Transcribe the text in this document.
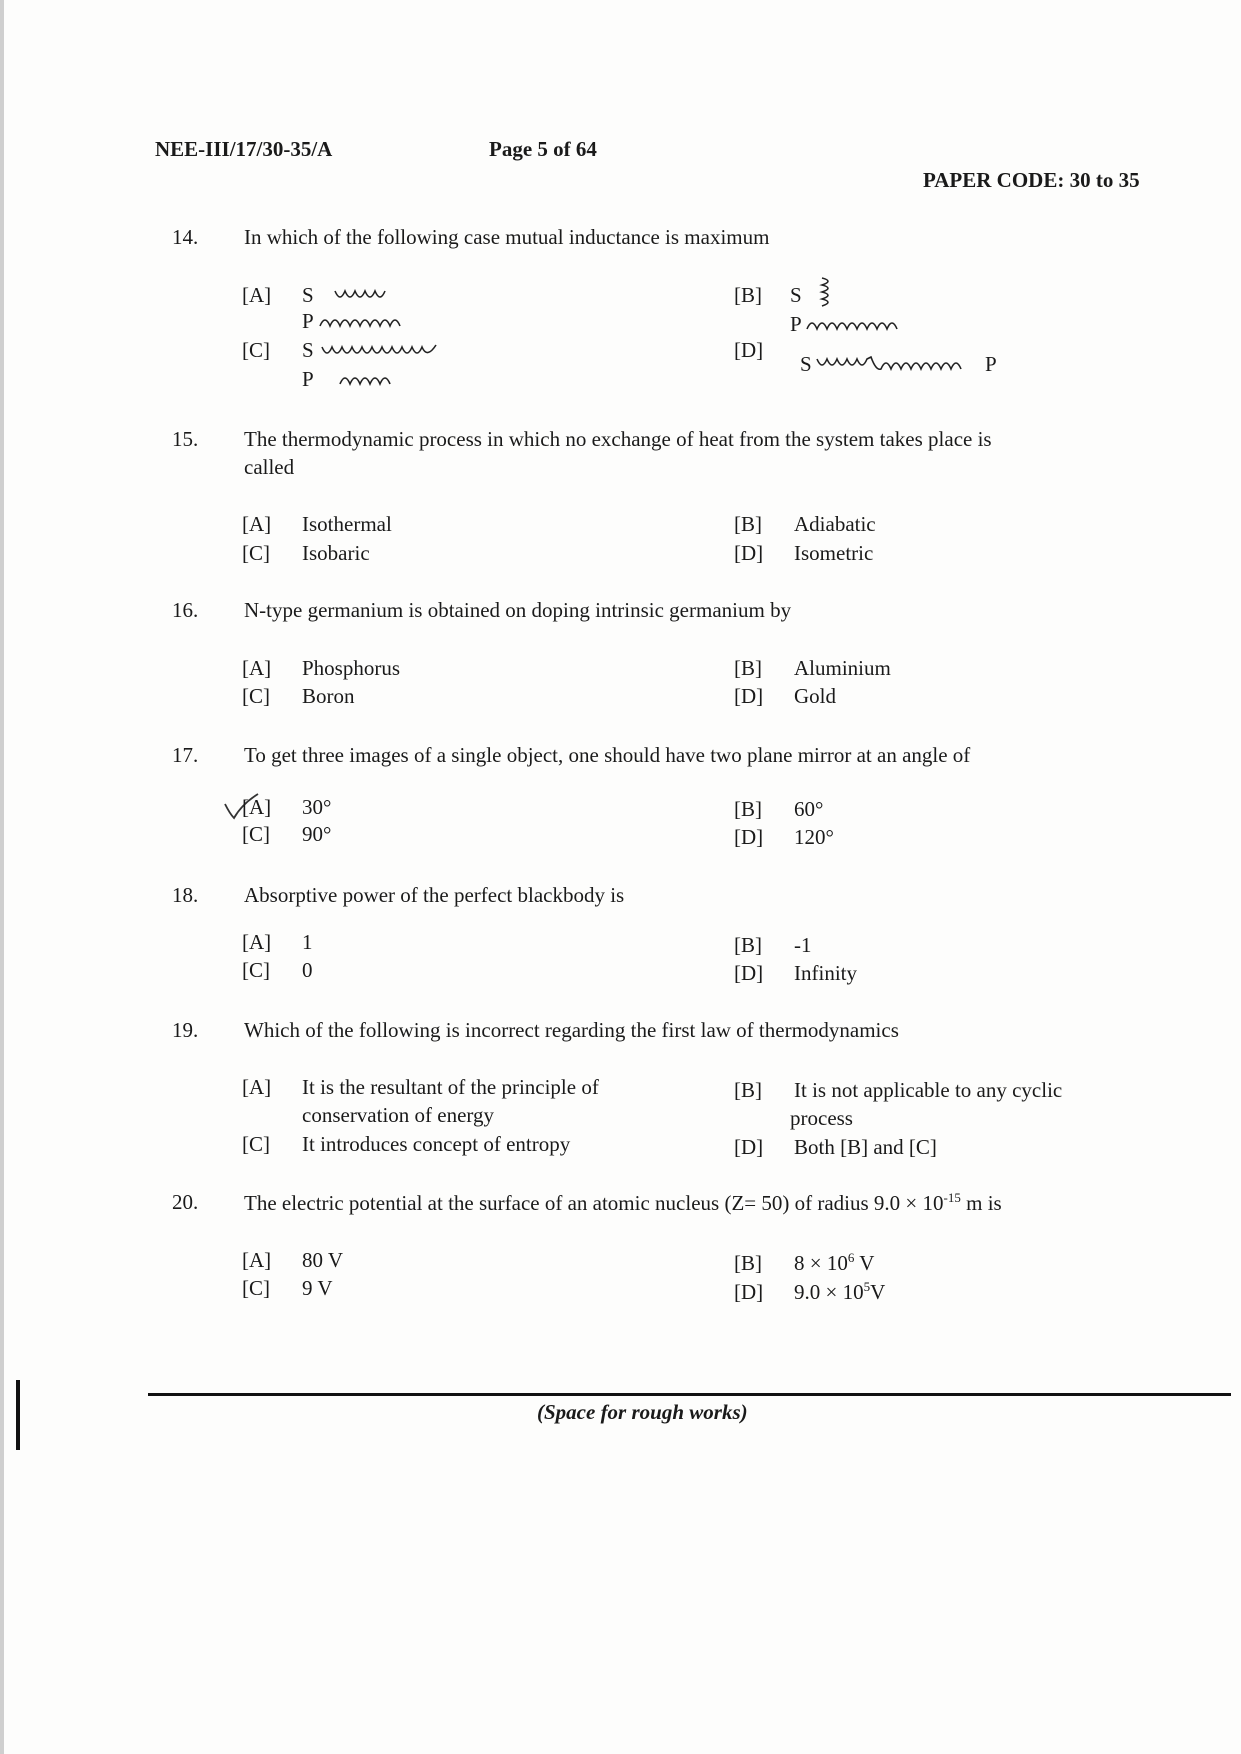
NEE-III/17/30-35/A	Page 5 of 64
PAPER CODE: 30 to 35
14. In which of the following case mutual inductance is maximum
[A] S
P
[B] S
P
[C] S
P
[D]
S	P
15. The thermodynamic process in which no exchange of heat from the system takes place is
called
[A] Isothermal	[B] Adiabatic
[C] Isobaric	[D] Isometric
16. N-type germanium is obtained on doping intrinsic germanium by
[A] Phosphorus	[B] Aluminium
[C] Boron	[D] Gold
17. To get three images of a single object, one should have two plane mirror at an angle of
[A] 30°	[B] 60°
[C] 90°	[D] 120°
18. Absorptive power of the perfect blackbody is
[A] 1	[B] -1
[C] 0	[D] Infinity
19. Which of the following is incorrect regarding the first law of thermodynamics
[A] It is the resultant of the principle of
conservation of energy
[B] It is not applicable to any cyclic
process
[C] It introduces concept of entropy	[D] Both [B] and [C]
20. The electric potential at the surface of an atomic nucleus (Z= 50) of radius $9.0 \times 10^{-15}$ m is
[A] 80 V	[B] $8 \times 10^6$ V
[C] 9 V	[D] $9.0 \times 10^5V$
(Space for rough works)
